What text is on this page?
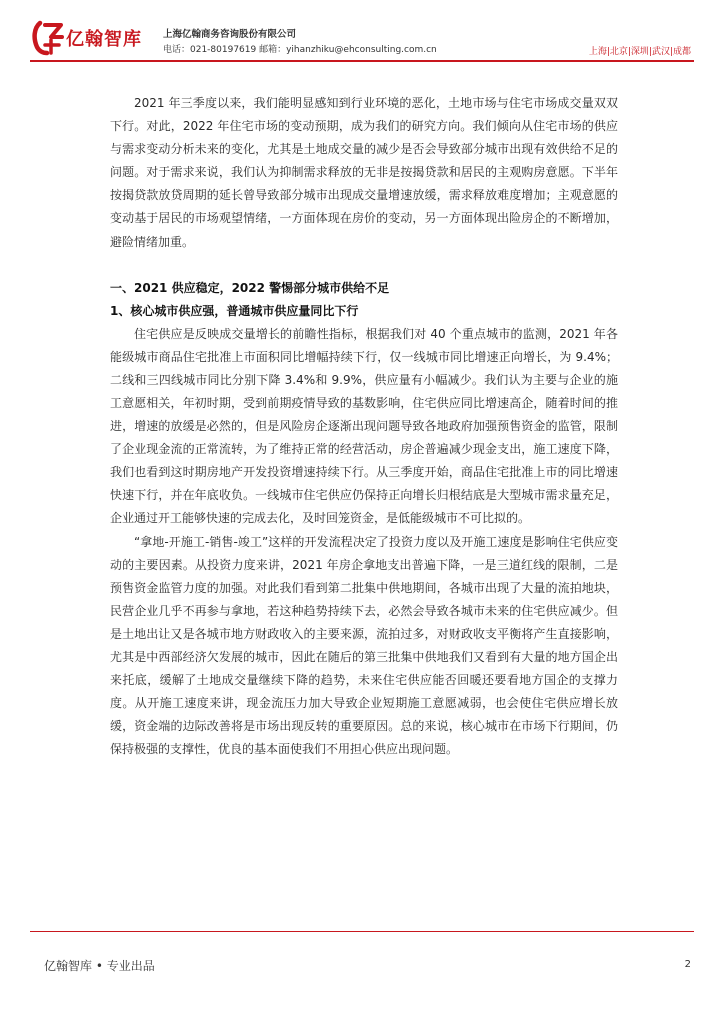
亿翰智库 上海亿翰商务咨询股份有限公司
电话：021-80197619 邮箱：yihanzhiku@ehconsulting.com.cn	上海|北京|深圳|武汉|成都

2021 年三季度以来，我们能明显感知到行业环境的恶化，土地市场与住宅市场成交量双双下行。对此，2022 年住宅市场的变动预期，成为我们的研究方向。我们倾向从住宅市场的供应与需求变动分析未来的变化，尤其是土地成交量的减少是否会导致部分城市出现有效供给不足的问题。对于需求来说，我们认为抑制需求释放的无非是按揭贷款和居民的主观购房意愿。下半年按揭贷款放贷周期的延长曾导致部分城市出现成交量增速放缓，需求释放难度增加；主观意愿的变动基于居民的市场观望情绪，一方面体现在房价的变动，另一方面体现出险房企的不断增加，避险情绪加重。

一、2021 供应稳定，2022 警惕部分城市供给不足

1、核心城市供应强，普通城市供应量同比下行

住宅供应是反映成交量增长的前瞻性指标，根据我们对 40 个重点城市的监测，2021 年各能级城市商品住宅批准上市面积同比增幅持续下行，仅一线城市同比增速正向增长，为 9.4%；二线和三四线城市同比分别下降 3.4%和 9.9%，供应量有小幅减少。我们认为主要与企业的施工意愿相关，年初时期，受到前期疫情导致的基数影响，住宅供应同比增速高企，随着时间的推进，增速的放缓是必然的，但是风险房企逐渐出现问题导致各地政府加强预售资金的监管，限制了企业现金流的正常流转，为了维持正常的经营活动，房企普遍减少现金支出，施工速度下降，我们也看到这时期房地产开发投资增速持续下行。从三季度开始，商品住宅批准上市的同比增速快速下行，并在年底收负。一线城市住宅供应仍保持正向增长归根结底是大型城市需求量充足，企业通过开工能够快速的完成去化，及时回笼资金，是低能级城市不可比拟的。

“拿地-开施工-销售-竣工”这样的开发流程决定了投资力度以及开施工速度是影响住宅供应变动的主要因素。从投资力度来讲，2021 年房企拿地支出普遍下降，一是三道红线的限制，二是预售资金监管力度的加强。对此我们看到第二批集中供地期间，各城市出现了大量的流拍地块，民营企业几乎不再参与拿地，若这种趋势持续下去，必然会导致各城市未来的住宅供应减少。但是土地出让又是各城市地方财政收入的主要来源，流拍过多，对财政收支平衡将产生直接影响，尤其是中西部经济欠发展的城市，因此在随后的第三批集中供地我们又看到有大量的地方国企出来托底，缓解了土地成交量继续下降的趋势，未来住宅供应能否回暖还要看地方国企的支撑力度。从开施工速度来讲，现金流压力加大导致企业短期施工意愿减弱，也会使住宅供应增长放缓，资金端的边际改善将是市场出现反转的重要原因。总的来说，核心城市在市场下行期间，仍保持极强的支撑性，优良的基本面使我们不用担心供应出现问题。

亿翰智库 • 专业出品	2
